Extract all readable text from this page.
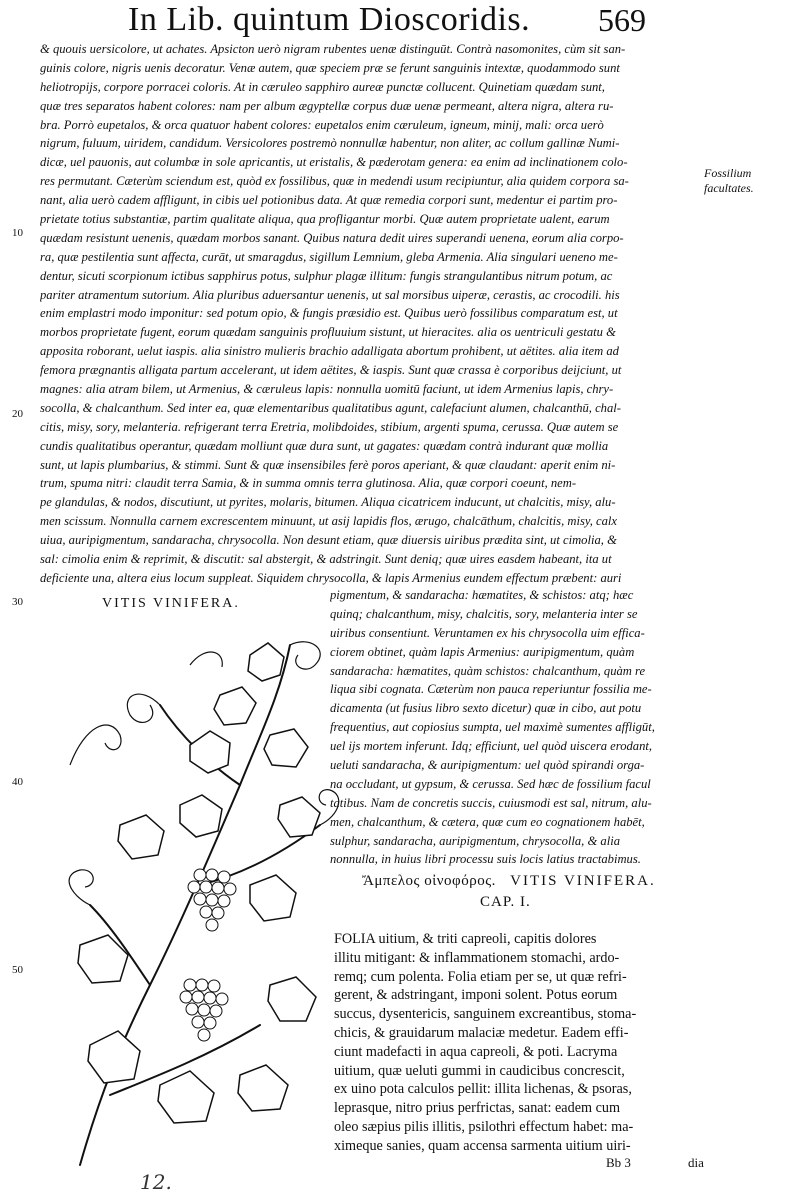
In Lib. quintum Dioscoridis. 569
& quouis uersicolore, ut achates. Apsicton uerò nigram rubentes uenæ distinguūt. Contrà nasomonites, cùm sit san-
guinis colore, nigris uenis decoratur. Venæ autem, quæ speciem præ se ferunt sanguinis intextæ, quodammodo sunt
heliotropijs, corpore porracei coloris. At in cæruleo sapphiro aureæ punctæ collucent. Quinetiam quædam sunt,
quæ tres separatos habent colores: nam per album ægyptellæ corpus duæ uenæ permeant, altera nigra, altera ru-
bra. Porrò eupetalos, & orca quatuor habent colores: eupetalos enim cæruleum, igneum, minij, mali: orca uerò
nigrum, fuluum, uiridem, candidum. Versicolores postremò nonnullæ habentur, non aliter, ac collum gallinæ Numi-
dicæ, uel pauonis, aut columbæ in sole apricantis, ut eristalis, & pæderotam genera: ea enim ad inclinationem colo-
res permutant. Cæterùm sciendum est, quòd ex fossilibus, quæ in medendi usum recipiuntur, alia quidem corpora sa-
nant, alia uerò cadem affligunt, in cibis uel potionibus data. At quæ remedia corpori sunt, medentur ei partim pro-
prietate totius substantiæ, partim qualitate aliqua, qua profligantur morbi. Quæ autem proprietate ualent, earum
quædam resistunt uenenis, quædam morbos sanant. Quibus natura dedit uires superandi uenena, eorum alia corpo-
ra, quæ pestilentia sunt affecta, curāt, ut smaragdus, sigillum Lemnium, gleba Armenia. Alia singulari ueneno me-
dentur, sicuti scorpionum ictibus sapphirus potus, sulphur plagæ illitum: fungis strangulantibus nitrum potum, ac
pariter atramentum sutorium. Alia pluribus aduersantur uenenis, ut sal morsibus uiperæ, cerastis, ac crocodili. his
enim emplastri modo imponitur: sed potum opio, & fungis præsidio est. Quibus uerò fossilibus comparatum est, ut
morbos proprietate fugent, eorum quædam sanguinis profluuium sistunt, ut hieracites. alia os uentriculi gestatu &
apposita roborant, uelut iaspis. alia sinistro mulieris brachio adalligata abortum prohibent, ut aëtites. alia item ad
femora prægnantis alligata partum accelerant, ut idem aëtites, & iaspis. Sunt quæ crassa è corporibus deijciunt, ut
magnes: alia atram bilem, ut Armenius, & cæruleus lapis: nonnulla uomitū faciunt, ut idem Armenius lapis, chry-
socolla, & chalcanthum. Sed inter ea, quæ elementaribus qualitatibus agunt, calefaciunt alumen, chalcanthū, chal-
citis, misy, sory, melanteria. refrigerant terra Eretria, molibdoides, stibium, argenti spuma, cerussa. Quæ autem se
cundis qualitatibus operantur, quædam molliunt quæ dura sunt, ut gagates: quædam contrà indurant quæ mollia
sunt, ut lapis plumbarius, & stimmi. Sunt & quæ insensibiles ferè poros aperiant, & quæ claudant: aperit enim ni-
trum, spuma nitri: claudit terra Samia, & in summa omnis terra glutinosa. Alia, quæ corpori coeunt, nem-
pe glandulas, & nodos, discutiunt, ut pyrites, molaris, bitumen. Aliqua cicatricem inducunt, ut chalcitis, misy, alu-
men scissum. Nonnulla carnem excrescentem minuunt, ut asij lapidis flos, ærugo, chalcāthum, chalcitis, misy, calx
uiua, auripigmentum, sandaracha, chrysocolla. Non desunt etiam, quæ diuersis uiribus prædita sint, ut cimolia, &
sal: cimolia enim & reprimit, & discutit: sal abstergit, & adstringit. Sunt deniq; quæ uires easdem habeant, ita ut
deficiente una, altera eius locum suppleat. Siquidem chrysocolla, & lapis Armenius eundem effectum præbent: auri
Fossilium facultates.
10
20
30
40
50
VITIS VINIFERA.
pigmentum, & sandaracha: hæmatites, & schistos: atq; hæc
quinq; chalcanthum, misy, chalcitis, sory, melanteria inter se
uiribus consentiunt. Veruntamen ex his chrysocolla uim effica-
ciorem obtinet, quàm lapis Armenius: auripigmentum, quàm
sandaracha: hæmatites, quàm schistos: chalcanthum, quàm re
liqua sibi cognata. Cæterùm non pauca reperiuntur fossilia me-
dicamenta (ut fusius libro sexto dicetur) quæ in cibo, aut potu
frequentius, aut copiosius sumpta, uel maximè sumentes affligūt,
uel ijs mortem inferunt. Idq; efficiunt, uel quòd uiscera erodant,
ueluti sandaracha, & auripigmentum: uel quòd spirandi orga-
na occludant, ut gypsum, & cerussa. Sed hæc de fossilium facul
tatibus. Nam de concretis succis, cuiusmodi est sal, nitrum, alu-
men, chalcanthum, & cætera, quæ cum eo cognationem habēt,
sulphur, sandaracha, auripigmentum, chrysocolla, & alia
nonnulla, in huius libri processu suis locis latius tractabimus.
Ἄμπελος οἰνοφόρος. VITIS VINIFERA.
CAP. I.
FOLIA uitium, & triti capreoli, capitis dolores
illitu mitigant: & inflammationem stomachi, ardo-
remq; cum polenta. Folia etiam per se, ut quæ refri-
gerent, & adstringant, imponi solent. Potus eorum
succus, dysentericis, sanguinem excreantibus, stoma-
chicis, & grauidarum malaciæ medetur. Eadem effi-
ciunt madefacti in aqua capreoli, & poti. Lacryma
uitium, quæ ueluti gummi in caudicibus concrescit,
ex uino pota calculos pellit: illita lichenas, & psoras,
leprasque, nitro prius perfrictas, sanat: eadem cum
oleo sæpius pilis illitis, psilothri effectum habet: ma-
ximeque sanies, quam accensa sarmenta uitium uiri-
Bb 3	dia
12.
